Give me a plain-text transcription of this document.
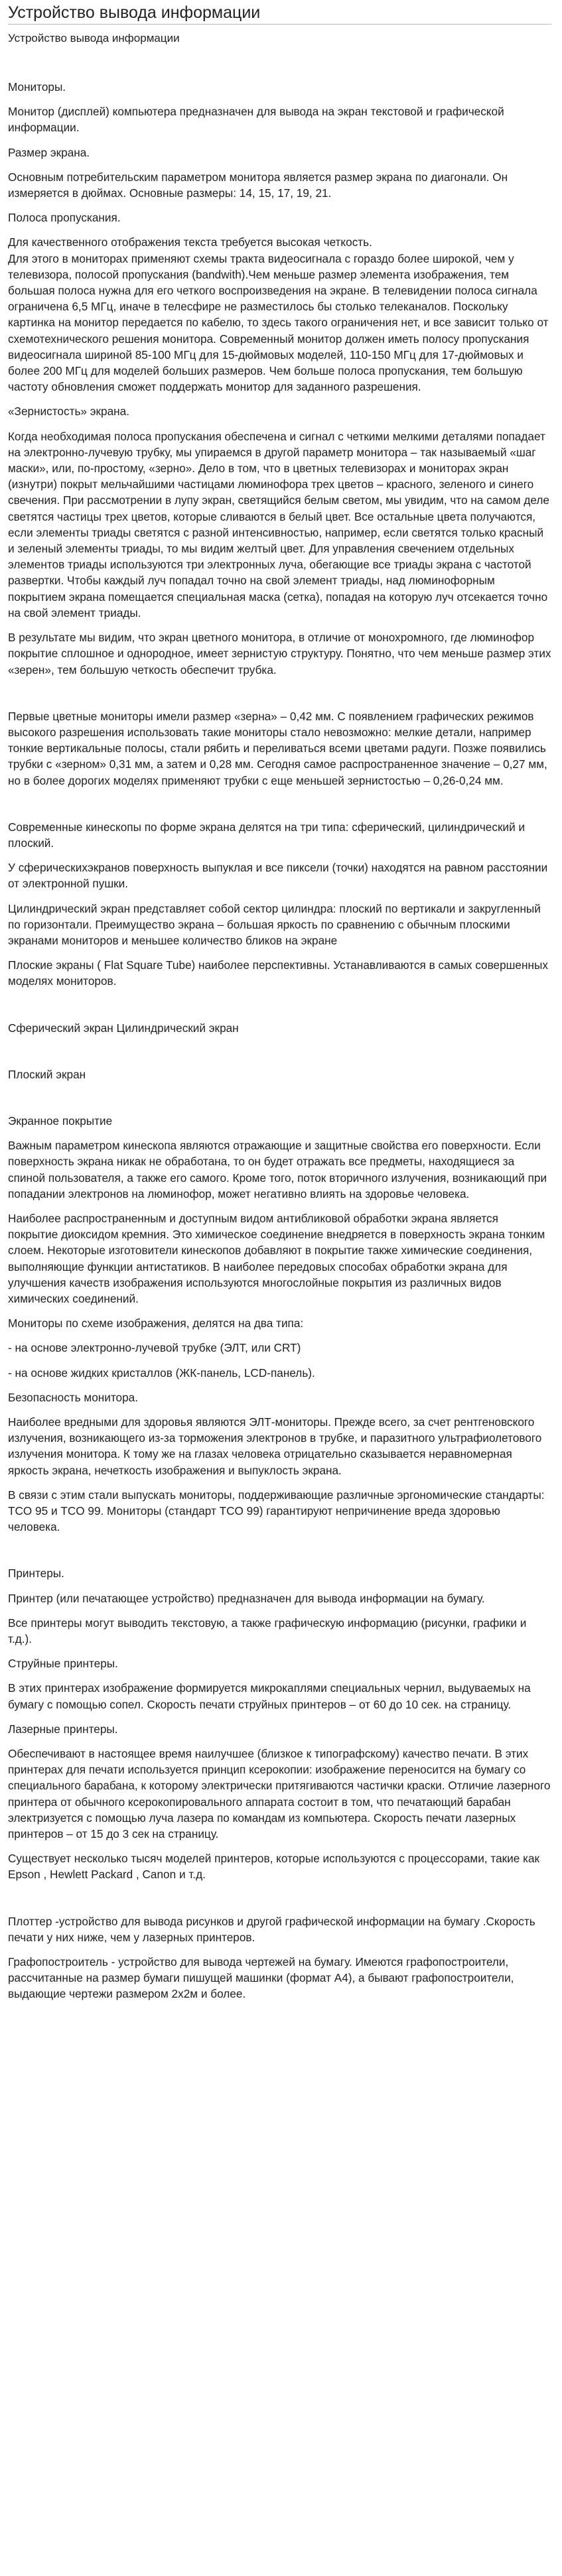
Устройство вывода информации
Устройство вывода информации

Мониторы.

Монитор (дисплей) компьютера предназначен для вывода на экран текстовой и графической информации.

Размер экрана.

Основным потребительским параметром монитора является размер экрана по диагонали. Он измеряется в дюймах. Основные размеры: 14, 15, 17, 19, 21.

Полоса пропускания.

Для качественного отображения текста требуется высокая четкость.
Для этого в мониторах применяют схемы тракта видеосигнала с гораздо более широкой, чем у телевизора, полосой пропускания (bandwith).Чем меньше размер элемента изображения, тем большая полоса нужна для его четкого воспроизведения на экране. В телевидении полоса сигнала ограничена 6,5 МГц, иначе в телесфире не разместилось бы столько телеканалов. Поскольку картинка на монитор передается по кабелю, то здесь такого ограничения нет, и все зависит только от схемотехнического решения монитора. Современный монитор должен иметь полосу пропускания видеосигнала шириной 85-100 МГц для 15-дюймовых моделей, 110-150 МГц для 17-дюймовых и более 200 МГц для моделей больших размеров. Чем больше полоса пропускания, тем большую частоту обновления сможет поддержать монитор для заданного разрешения.

«Зернистость» экрана.

Когда необходимая полоса пропускания обеспечена и сигнал с четкими мелкими деталями попадает на электронно-лучевую трубку, мы упираемся в другой параметр монитора – так называемый «шаг маски», или, по-простому, «зерно». Дело в том, что в цветных телевизорах и мониторах экран (изнутри) покрыт мельчайшими частицами люминофора трех цветов – красного, зеленого и синего свечения. При рассмотрении в лупу экран, светящийся белым светом, мы увидим, что на самом деле светятся частицы трех цветов, которые сливаются в белый цвет. Все остальные цвета получаются, если элементы триады светятся с разной интенсивностью, например, если светятся только красный и зеленый элементы триады, то мы видим желтый цвет. Для управления свечением отдельных элементов триады используются три электронных луча, обегающие все триады экрана с частотой развертки. Чтобы каждый луч попадал точно на свой элемент триады, над люминофорным покрытием экрана помещается специальная маска (сетка), попадая на которую луч отсекается точно на свой элемент триады.

В результате мы видим, что экран цветного монитора, в отличие от монохромного, где люминофор покрытие сплошное и однородное, имеет зернистую структуру. Понятно, что чем меньше размер этих «зерен», тем большую четкость обеспечит трубка.

Первые цветные мониторы имели размер «зерна» – 0,42 мм. С появлением графических режимов высокого разрешения использовать такие мониторы стало невозможно: мелкие детали, например тонкие вертикальные полосы, стали рябить и переливаться всеми цветами радуги. Позже появились трубки с «зерном» 0,31 мм, а затем и 0,28 мм. Сегодня самое распространенное значение – 0,27 мм, но в более дорогих моделях применяют трубки с еще меньшей зернистостью – 0,26-0,24 мм.

Современные кинескопы по форме экрана делятся на три типа: сферический, цилиндрический и плоский.

У сферическихэкранов поверхность выпуклая и все пиксели (точки) находятся на равном расстоянии от электронной пушки.

Цилиндрический экран представляет собой сектор цилиндра: плоский по вертикали и закругленный по горизонтали. Преимущество экрана – большая яркость по сравнению с обычным плоскими экранами мониторов и меньшее количество бликов на экране

Плоские экраны ( Flat Square Tube) наиболее перспективны. Устанавливаются в самых совершенных моделях мониторов.

Сферический экран Цилиндрический экран

Плоский экран

Экранное покрытие

Важным параметром кинескопа являются отражающие и защитные свойства его поверхности. Если поверхность экрана никак не обработана, то он будет отражать все предметы, находящиеся за спиной пользователя, а также его самого. Кроме того, поток вторичного излучения, возникающий при попадании электронов на люминофор, может негативно влиять на здоровье человека.

Наиболее распространенным и доступным видом антибликовой обработки экрана является покрытие диоксидом кремния. Это химическое соединение внедряется в поверхность экрана тонким слоем. Некоторые изготовители кинескопов добавляют в покрытие также химические соединения, выполняющие функции антистатиков. В наиболее передовых способах обработки экрана для улучшения качеств изображения используются многослойные покрытия из различных видов химических соединений.

Мониторы по схеме изображения, делятся на два типа:

- на основе электронно-лучевой трубке (ЭЛТ, или CRT)

- на основе жидких кристаллов (ЖК-панель, LCD-панель).

Безопасность монитора.

Наиболее вредными для здоровья являются ЭЛТ-мониторы. Прежде всего, за счет рентгеновского излучения, возникающего из-за торможения электронов в трубке, и паразитного ультрафиолетового излучения монитора. К тому же на глазах человека отрицательно сказывается неравномерная яркость экрана, нечеткость изображения и выпуклость экрана.

В связи с этим стали выпускать мониторы, поддерживающие различные эргономические стандарты: TCO 95 и TCO 99. Мониторы (стандарт TCO 99) гарантируют непричинение вреда здоровью человека.

Принтеры.

Принтер (или печатающее устройство) предназначен для вывода информации на бумагу.

Все принтеры могут выводить текстовую, а также графическую информацию (рисунки, графики и т.д.).

Струйные принтеры.

В этих принтерах изображение формируется микрокаплями специальных чернил, выдуваемых на бумагу с помощью сопел. Скорость печати струйных принтеров – от 60 до 10 сек. на страницу.

Лазерные принтеры.

Обеспечивают в настоящее время наилучшее (близкое к типографскому) качество печати. В этих принтерах для печати используется принцип ксерокопии: изображение переносится на бумагу со специального барабана, к которому электрически притягиваются частички краски. Отличие лазерного принтера от обычного ксерокопировального аппарата состоит в том, что печатающий барабан электризуется с помощью луча лазера по командам из компьютера. Скорость печати лазерных принтеров – от 15 до 3 сек на страницу.

Существует несколько тысяч моделей принтеров, которые используются с процессорами, такие как Epson , Hewlett Packard , Canon и т.д.

Плоттер -устройство для вывода рисунков и другой графической информации на бумагу .Скорость печати у них ниже, чем у лазерных принтеров.

Графопостроитель - устройство для вывода чертежей на бумагу. Имеются графопостроители, рассчитанные на размер бумаги пишущей машинки (формат А4), а бывают графопостроители, выдающие чертежи размером 2x2м и более.
